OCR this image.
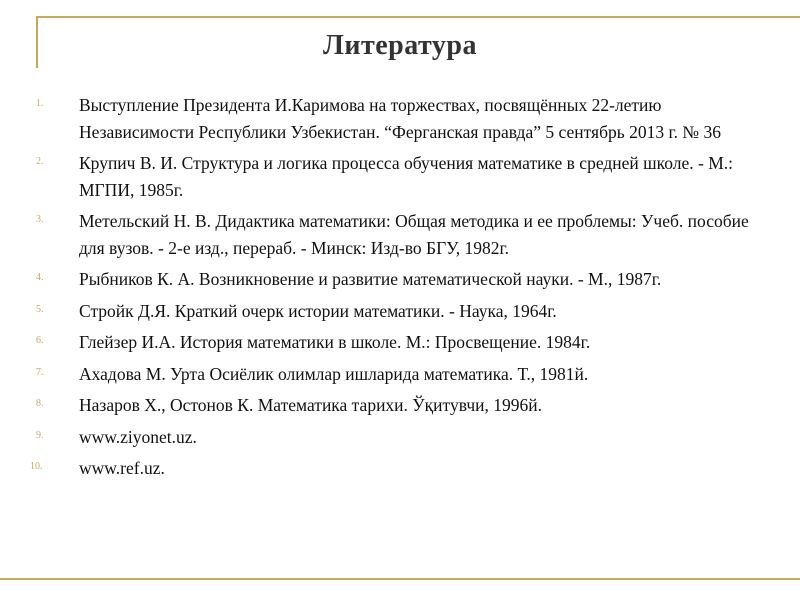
Литература
1.	Выступление Президента И.Каримова на торжествах, посвящённых 22-летию Независимости Республики Узбекистан. “Ферганская правда” 5 сентябрь 2013 г. № 36
2.	Крупич В. И. Структура и логика процесса обучения математике в средней школе. - М.: МГПИ, 1985г.
3.	Метельский Н. В. Дидактика математики: Общая методика и ее проблемы: Учеб. пособие для вузов. - 2-е изд., перераб. - Минск: Изд-во БГУ, 1982г.
4.	Рыбников К. А. Возникновение и развитие математической науки. - М., 1987г.
5.	Стройк Д.Я. Краткий очерк истории математики. - Наука, 1964г.
6.	Глейзер И.А. История математики в школе. М.: Просвещение. 1984г.
7.	Ахадова М. Урта Осиёлик олимлар ишларида математика. Т., 1981й.
8.	Назаров Х., Остонов К. Математика тарихи. Ўқитувчи, 1996й.
9.	www.ziyonet.uz.
10.	www.ref.uz.
